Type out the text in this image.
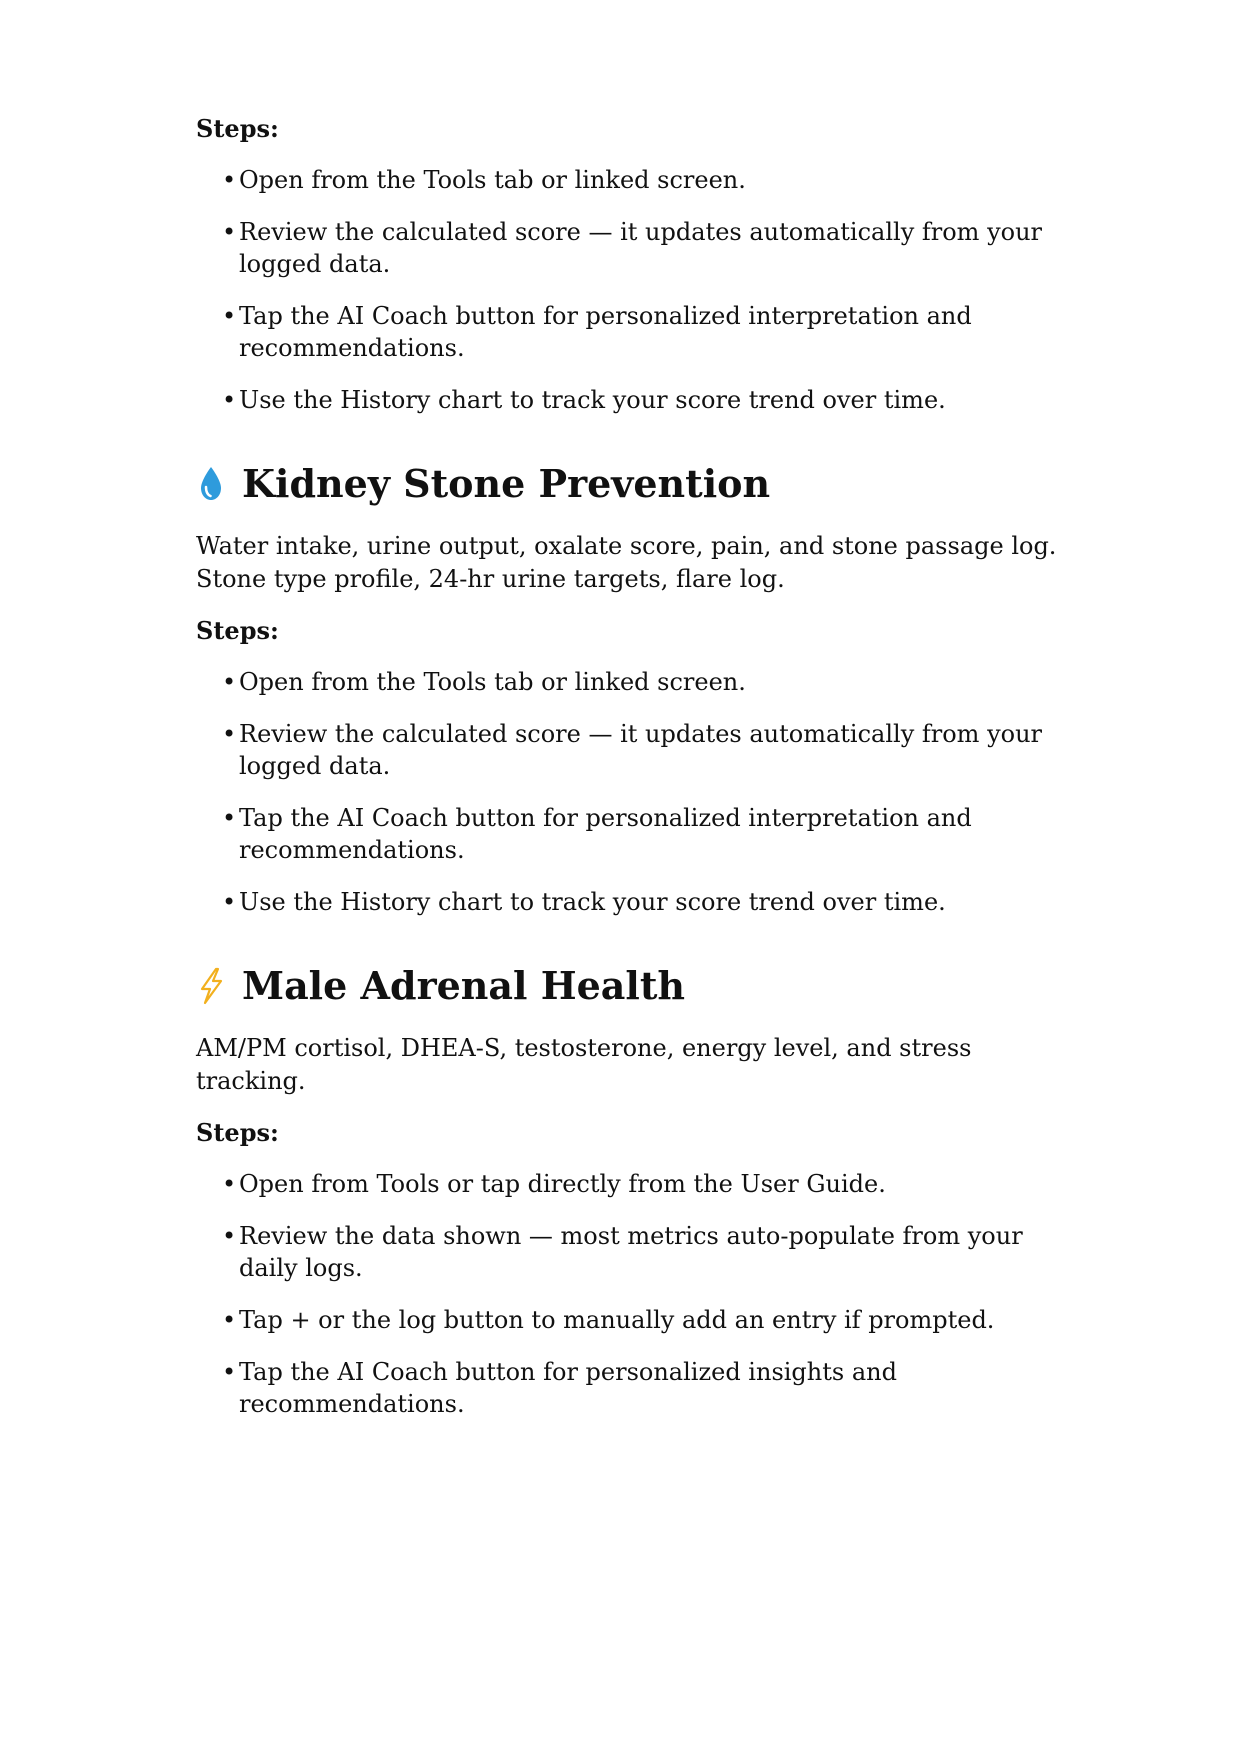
Steps:

• Open from the Tools tab or linked screen.
• Review the calculated score — it updates automatically from your logged data.
• Tap the AI Coach button for personalized interpretation and recommendations.
• Use the History chart to track your score trend over time.
Kidney Stone Prevention

Water intake, urine output, oxalate score, pain, and stone passage log. Stone type profile, 24-hr urine targets, flare log.

Steps:

• Open from the Tools tab or linked screen.
• Review the calculated score — it updates automatically from your logged data.
• Tap the AI Coach button for personalized interpretation and recommendations.
• Use the History chart to track your score trend over time.
Male Adrenal Health

AM/PM cortisol, DHEA-S, testosterone, energy level, and stress tracking.

Steps:

• Open from Tools or tap directly from the User Guide.
• Review the data shown — most metrics auto-populate from your daily logs.
• Tap + or the log button to manually add an entry if prompted.
• Tap the AI Coach button for personalized insights and recommendations.
